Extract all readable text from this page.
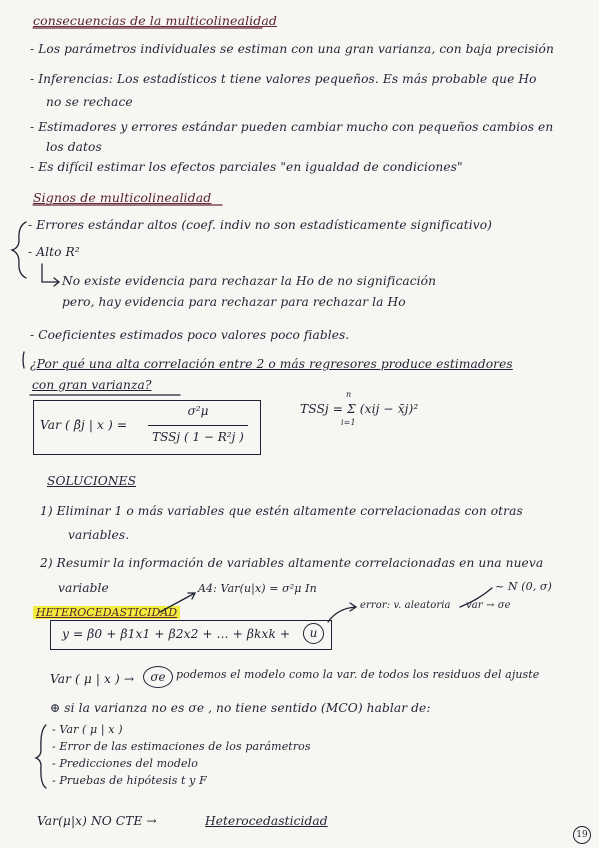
consecuencias de la multicolinealidad
- Los parámetros individuales se estiman con una gran varianza, con baja precisión
- Inferencias: Los estadísticos t tiene valores pequeños. Es más probable que Ho
no se rechace
- Estimadores y errores estándar pueden cambiar mucho con pequeños cambios en
los datos
- Es difícil estimar los efectos parciales "en igualdad de condiciones"
Signos de multicolinealidad
- Errores estándar altos (coef. indiv no son estadísticamente significativo)
- Alto R²
No existe evidencia para rechazar la Ho de no significación
pero, hay evidencia para rechazar para rechazar la Ho
- Coeficientes estimados poco valores poco fiables.
¿Por qué una alta correlación entre 2 o más regresores produce estimadores
con gran varianza?
Var ( β̂j | x ) =
σ²μ
TSSj ( 1 − R²j )
TSSj = Σ (xij − x̄j)²
n
i=1
SOLUCIONES
1) Eliminar 1 o más variables que estén altamente correlacionadas con otras
variables.
2) Resumir la información de variables altamente correlacionadas en una nueva
variable	A4: Var(u|x) = σ²μ In	~ N (0, σ)
HETEROCEDASTICIDAD
error: v. aleatoria var → σe
y = β0 + β1x1 + β2x2 + ... + βkxk +	u
Var ( μ | x ) →	σe podemos el modelo como la var. de todos los residuos del ajuste
⊕ si la varianza no es σe , no tiene sentido (MCO) hablar de:
- Var ( μ | x )
- Error de las estimaciones de los parámetros
- Predicciones del modelo
- Pruebas de hipótesis t y F
Var(μ|x) NO CTE →	Heterocedasticidad
19
